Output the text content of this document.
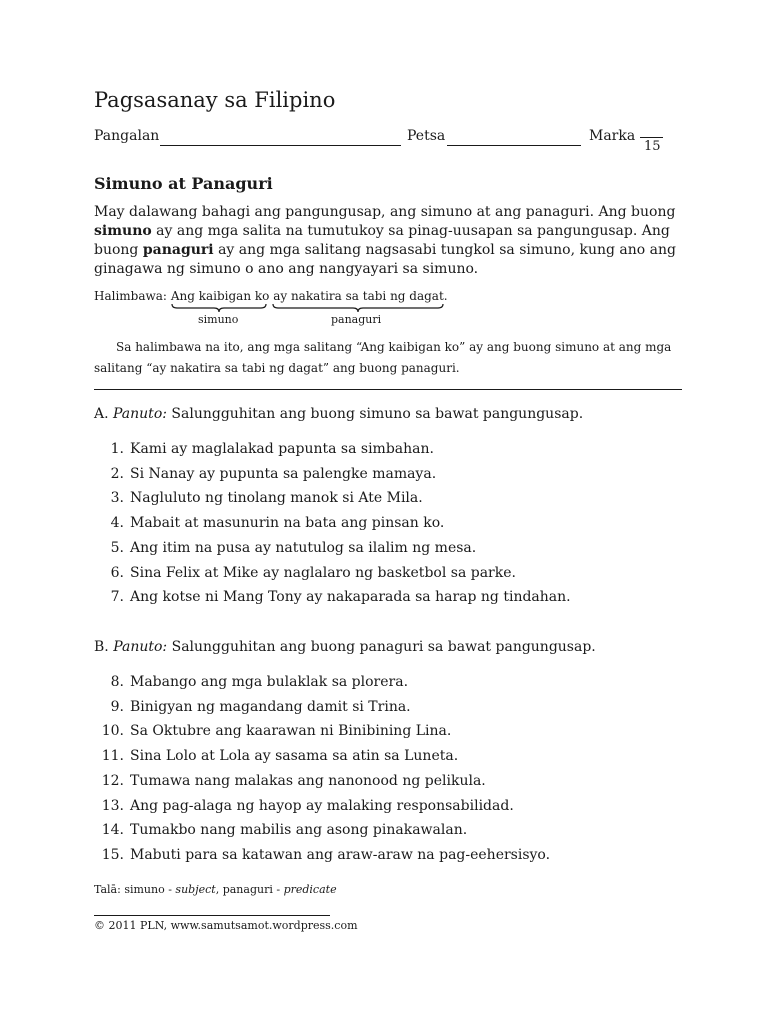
Pagsasanay sa Filipino
Pangalan	Petsa	Marka
15
Simuno at Panaguri
May dalawang bahagi ang pangungusap, ang simuno at ang panaguri. Ang buong simuno ay ang mga salita na tumutukoy sa pinag-uusapan sa pangungusap. Ang buong panaguri ay ang mga salitang nagsasabi tungkol sa simuno, kung ano ang ginagawa ng simuno o ano ang nangyayari sa simuno.
Halimbawa: Ang kaibigan ko ay nakatira sa tabi ng dagat.
simuno	panaguri
Sa halimbawa na ito, ang mga salitang “Ang kaibigan ko” ay ang buong simuno at ang mga salitang “ay nakatira sa tabi ng dagat” ang buong panaguri.
A. Panuto: Salungguhitan ang buong simuno sa bawat pangungusap.
1. Kami ay maglalakad papunta sa simbahan.
2. Si Nanay ay pupunta sa palengke mamaya.
3. Nagluluto ng tinolang manok si Ate Mila.
4. Mabait at masunurin na bata ang pinsan ko.
5. Ang itim na pusa ay natutulog sa ilalim ng mesa.
6. Sina Felix at Mike ay naglalaro ng basketbol sa parke.
7. Ang kotse ni Mang Tony ay nakaparada sa harap ng tindahan.
B. Panuto: Salungguhitan ang buong panaguri sa bawat pangungusap.
8. Mabango ang mga bulaklak sa plorera.
9. Binigyan ng magandang damit si Trina.
10. Sa Oktubre ang kaarawan ni Binibining Lina.
11. Sina Lolo at Lola ay sasama sa atin sa Luneta.
12. Tumawa nang malakas ang nanonood ng pelikula.
13. Ang pag-alaga ng hayop ay malaking responsabilidad.
14. Tumakbo nang mabilis ang asong pinakawalan.
15. Mabuti para sa katawan ang araw-araw na pag-eehersisyo.
Talā: simuno - subject, panaguri - predicate
© 2011 PLN, www.samutsamot.wordpress.com
